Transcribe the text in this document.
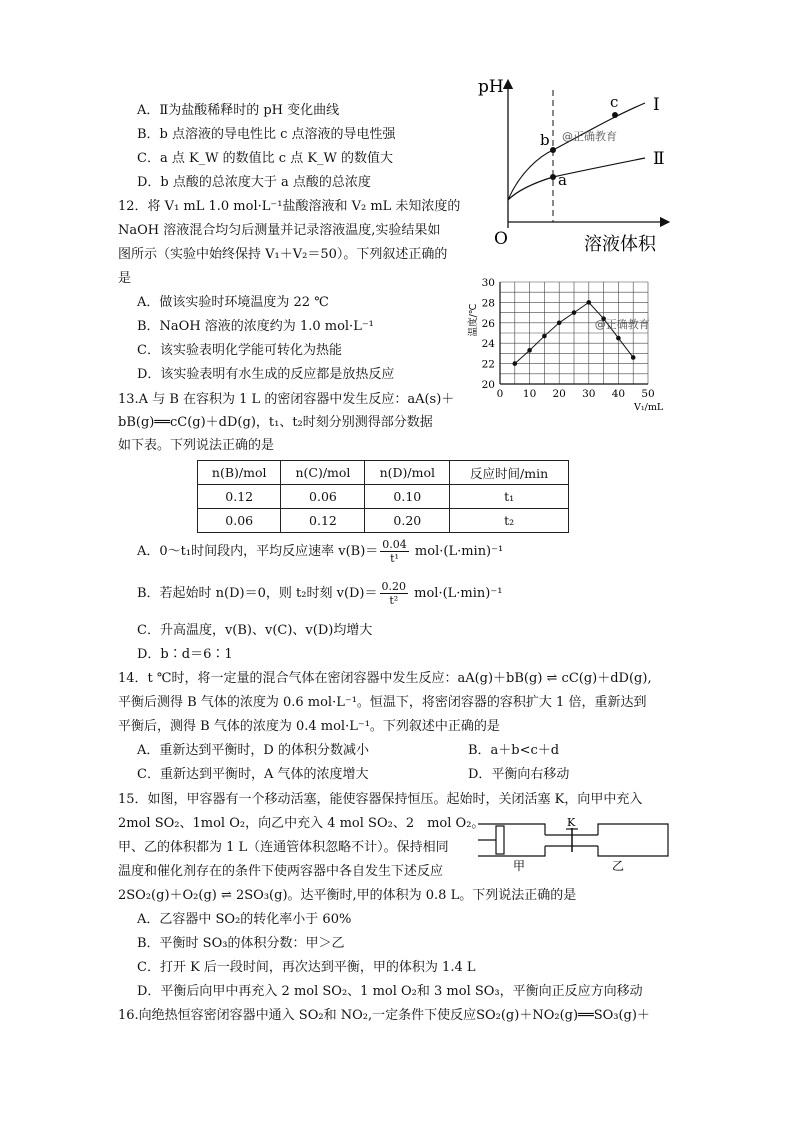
A．Ⅱ为盐酸稀释时的 pH 变化曲线
B．b 点溶液的导电性比 c 点溶液的导电性强
C．a 点 K_W 的数值比 c 点 K_W 的数值大
D．b 点酸的总浓度大于 a 点酸的总浓度
pH
O	溶液体积
Ⅰ
Ⅱ
b
a
c
@正确教育
12．将 V₁ mL 1.0 mol·L⁻¹盐酸溶液和 V₂ mL 未知浓度的
NaOH 溶液混合均匀后测量并记录溶液温度,实验结果如
图所示（实验中始终保持 V₁＋V₂＝50）。下列叙述正确的
是
A．做该实验时环境温度为 22 ℃
B．NaOH 溶液的浓度约为 1.0 mol·L⁻¹
C．该实验表明化学能可转化为热能
D．该实验表明有水生成的反应都是放热反应
0 10 20 30 40 50
20
22
24
26
28
30
V₁/mL
温度/℃	@正确教育
13.A 与 B 在容积为 1 L 的密闭容器中发生反应：aA(s)＋
bB(g)══cC(g)＋dD(g)，t₁、t₂时刻分别测得部分数据
如下表。下列说法正确的是
n(B)/mol	n(C)/mol	n(D)/mol	反应时间/min
0.12	0.06	0.10	t₁
0.06	0.12	0.20	t₂
A．0～t₁时间段内，平均反应速率 $v(B)= \frac{0.04}{\text{t¹}} mol\cdot(L\cdot\min)^{-1}$
B．若起始时 n(D)＝0，则 t₂时刻 $v(D)= \frac{0.20}{\text{t²}} mol\cdot(L\cdot\min)^{-1}$
C．升高温度，v(B)、v(C)、v(D)均增大
D．b∶d＝6∶1
14．t ℃时，将一定量的混合气体在密闭容器中发生反应：aA(g)＋bB(g) ⇌ cC(g)＋dD(g),
平衡后测得 B 气体的浓度为 0.6 mol·L⁻¹。恒温下，将密闭容器的容积扩大 1 倍，重新达到
平衡后，测得 B 气体的浓度为 0.4 mol·L⁻¹。下列叙述中正确的是
A．重新达到平衡时，D 的体积分数减小	B．a＋b<c＋d
C．重新达到平衡时，A 气体的浓度增大	D．平衡向右移动
15．如图，甲容器有一个移动活塞，能使容器保持恒压。起始时，关闭活塞 K，向甲中充入
2mol SO₂、1mol O₂，向乙中充入 4 mol SO₂、2　mol O₂。
甲、乙的体积都为 1 L（连通管体积忽略不计）。保持相同
温度和催化剂存在的条件下使两容器中各自发生下述反应
2SO₂(g)＋O₂(g) ⇌ 2SO₃(g)。达平衡时,甲的体积为 0.8 L。下列说法正确的是
A．乙容器中 SO₂的转化率小于 60%
B．平衡时 SO₃的体积分数：甲＞乙
C．打开 K 后一段时间，再次达到平衡，甲的体积为 1.4 L
D．平衡后向甲中再充入 2 mol SO₂、1 mol O₂和 3 mol SO₃，平衡向正反应方向移动
K
甲	乙
16.向绝热恒容密闭容器中通入 SO₂和 NO₂,一定条件下使反应SO₂(g)＋NO₂(g)══SO₃(g)＋
